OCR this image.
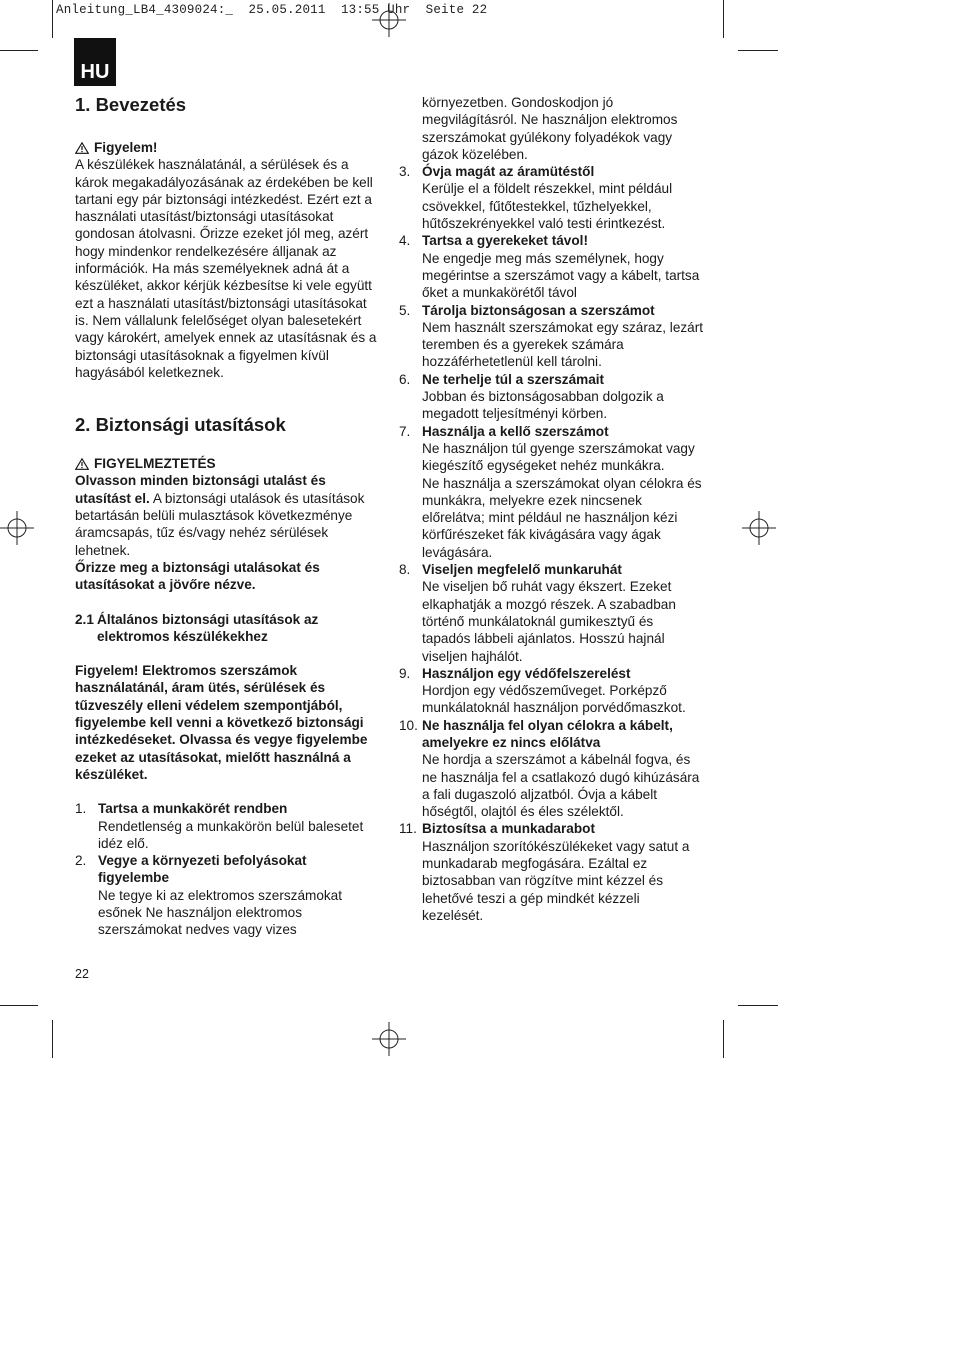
Anleitung_LB4_4309024:_  25.05.2011  13:55 Uhr  Seite 22
HU
1. Bevezetés
Figyelem!

A készülékek használatánál, a sérülések és a károk megakadályozásának az érdekében be kell tartani egy pár biztonsági intézkedést. Ezért ezt a használati utasítást/biztonsági utasításokat gondosan átolvasni. Őrizze ezeket jól meg, azért hogy mindenkor rendelkezésére álljanak az információk. Ha más személyeknek adná át a készüléket, akkor kérjük kézbesítse ki vele együtt ezt a használati utasítást/biztonsági utasításokat is. Nem vállalunk felelőséget olyan balesetekért vagy károkért, amelyek ennek az utasításnak és a biztonsági utasításoknak a figyelmen kívül hagyásából keletkeznek.

2. Biztonsági utasítások
FIGYELMEZTETÉS

Olvasson minden biztonsági utalást és utasítást el. A biztonsági utalások és utasítások betartásán belüli mulasztások következménye áramcsapás, tűz és/vagy nehéz sérülések lehetnek.

Őrizze meg a biztonsági utalásokat és utasításokat a jövőre nézve.

2.1 Általános biztonsági utasítások az elektromos készülékekhez

Figyelem! Elektromos szerszámok használatánál, áram ütés, sérülések és tűzveszély elleni védelem szempontjából, figyelembe kell venni a következő biztonsági intézkedéseket. Olvassa és vegye figyelembe ezeket az utasításokat, mielőtt használná a készüléket.

1. Tartsa a munkakörét rendben
Rendetlenség a munkakörön belül balesetet idéz elő.
2. Vegye a környezeti befolyásokat figyelembe
Ne tegye ki az elektromos szerszámokat esőnek Ne használjon elektromos szerszámokat nedves vagy vizes

környezetben. Gondoskodjon jó megvilágításról. Ne használjon elektromos szerszámokat gyúlékony folyadékok vagy gázok közelében.

3. Óvja magát az áramütéstől
Kerülje el a földelt részekkel, mint például csövekkel, fűtőtestekkel, tűzhelyekkel, hűtőszekrényekkel való testi érintkezést.
4. Tartsa a gyerekeket távol!
Ne engedje meg más személynek, hogy megérintse a szerszámot vagy a kábelt, tartsa őket a munkakörétől távol
5. Tárolja biztonságosan a szerszámot
Nem használt szerszámokat egy száraz, lezárt teremben és a gyerekek számára hozzáférhetetlenül kell tárolni.
6. Ne terhelje túl a szerszámait
Jobban és biztonságosabban dolgozik a megadott teljesítményi körben.
7. Használja a kellő szerszámot
Ne használjon túl gyenge szerszámokat vagy kiegészítő egységeket nehéz munkákra.
Ne használja a szerszámokat olyan célokra és munkákra, melyekre ezek nincsenek előrelátva; mint például ne használjon kézi körfűrészeket fák kivágására vagy ágak levágására.
8. Viseljen megfelelő munkaruhát
Ne viseljen bő ruhát vagy ékszert. Ezeket elkaphatják a mozgó részek. A szabadban történő munkálatoknál gumikesztyű és tapadós lábbeli ajánlatos. Hosszú hajnál viseljen hajhálót.
9. Használjon egy védőfelszerelést
Hordjon egy védőszeműveget. Porképző munkálatoknál használjon porvédőmaszkot.
10. Ne használja fel olyan célokra a kábelt, amelyekre ez nincs előlátva
Ne hordja a szerszámot a kábelnál fogva, és ne használja fel a csatlakozó dugó kihúzására a fali dugaszoló aljzatból. Óvja a kábelt hőségtől, olajtól és éles szélektől.
11. Biztosítsa a munkadarabot
Használjon szorítókészülékeket vagy satut a munkadarab megfogására. Ezáltal ez biztosabban van rögzítve mint kézzel és lehetővé teszi a gép mindkét kézzeli kezelését.
22
